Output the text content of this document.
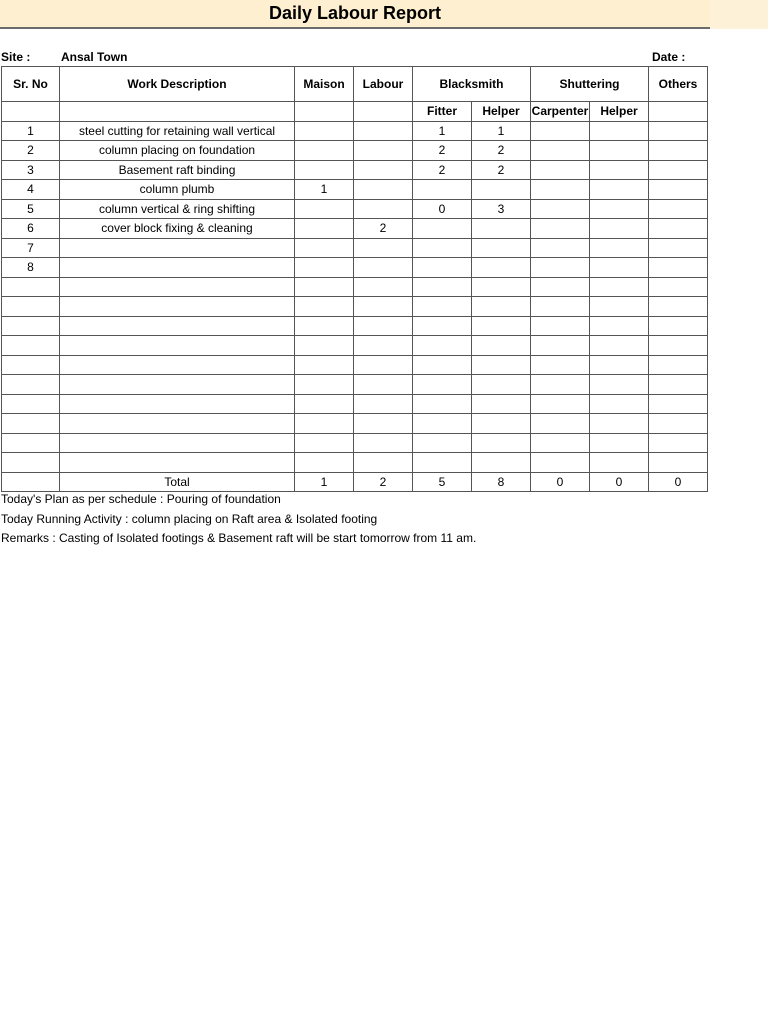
Daily Labour Report
Site :	Ansal Town	Date :
Sr. No	Work Description	Maison	Labour	Blacksmith		Shuttering		Others
				Fitter	Helper	Carpenter	Helper	
1	steel cutting for retaining wall vertical			1	1			
2	column placing on foundation			2	2			
3	Basement raft binding			2	2			
4	column plumb	1						
5	column vertical & ring shifting			0	3			
6	cover block fixing & cleaning		2					
7								
8								

	Total	1	2	5	8	0	0	0
Today's Plan as per schedule : Pouring of foundation
Today Running Activity : column placing on Raft area & Isolated footing
Remarks : Casting of Isolated footings & Basement raft will be start tomorrow from 11 am.
